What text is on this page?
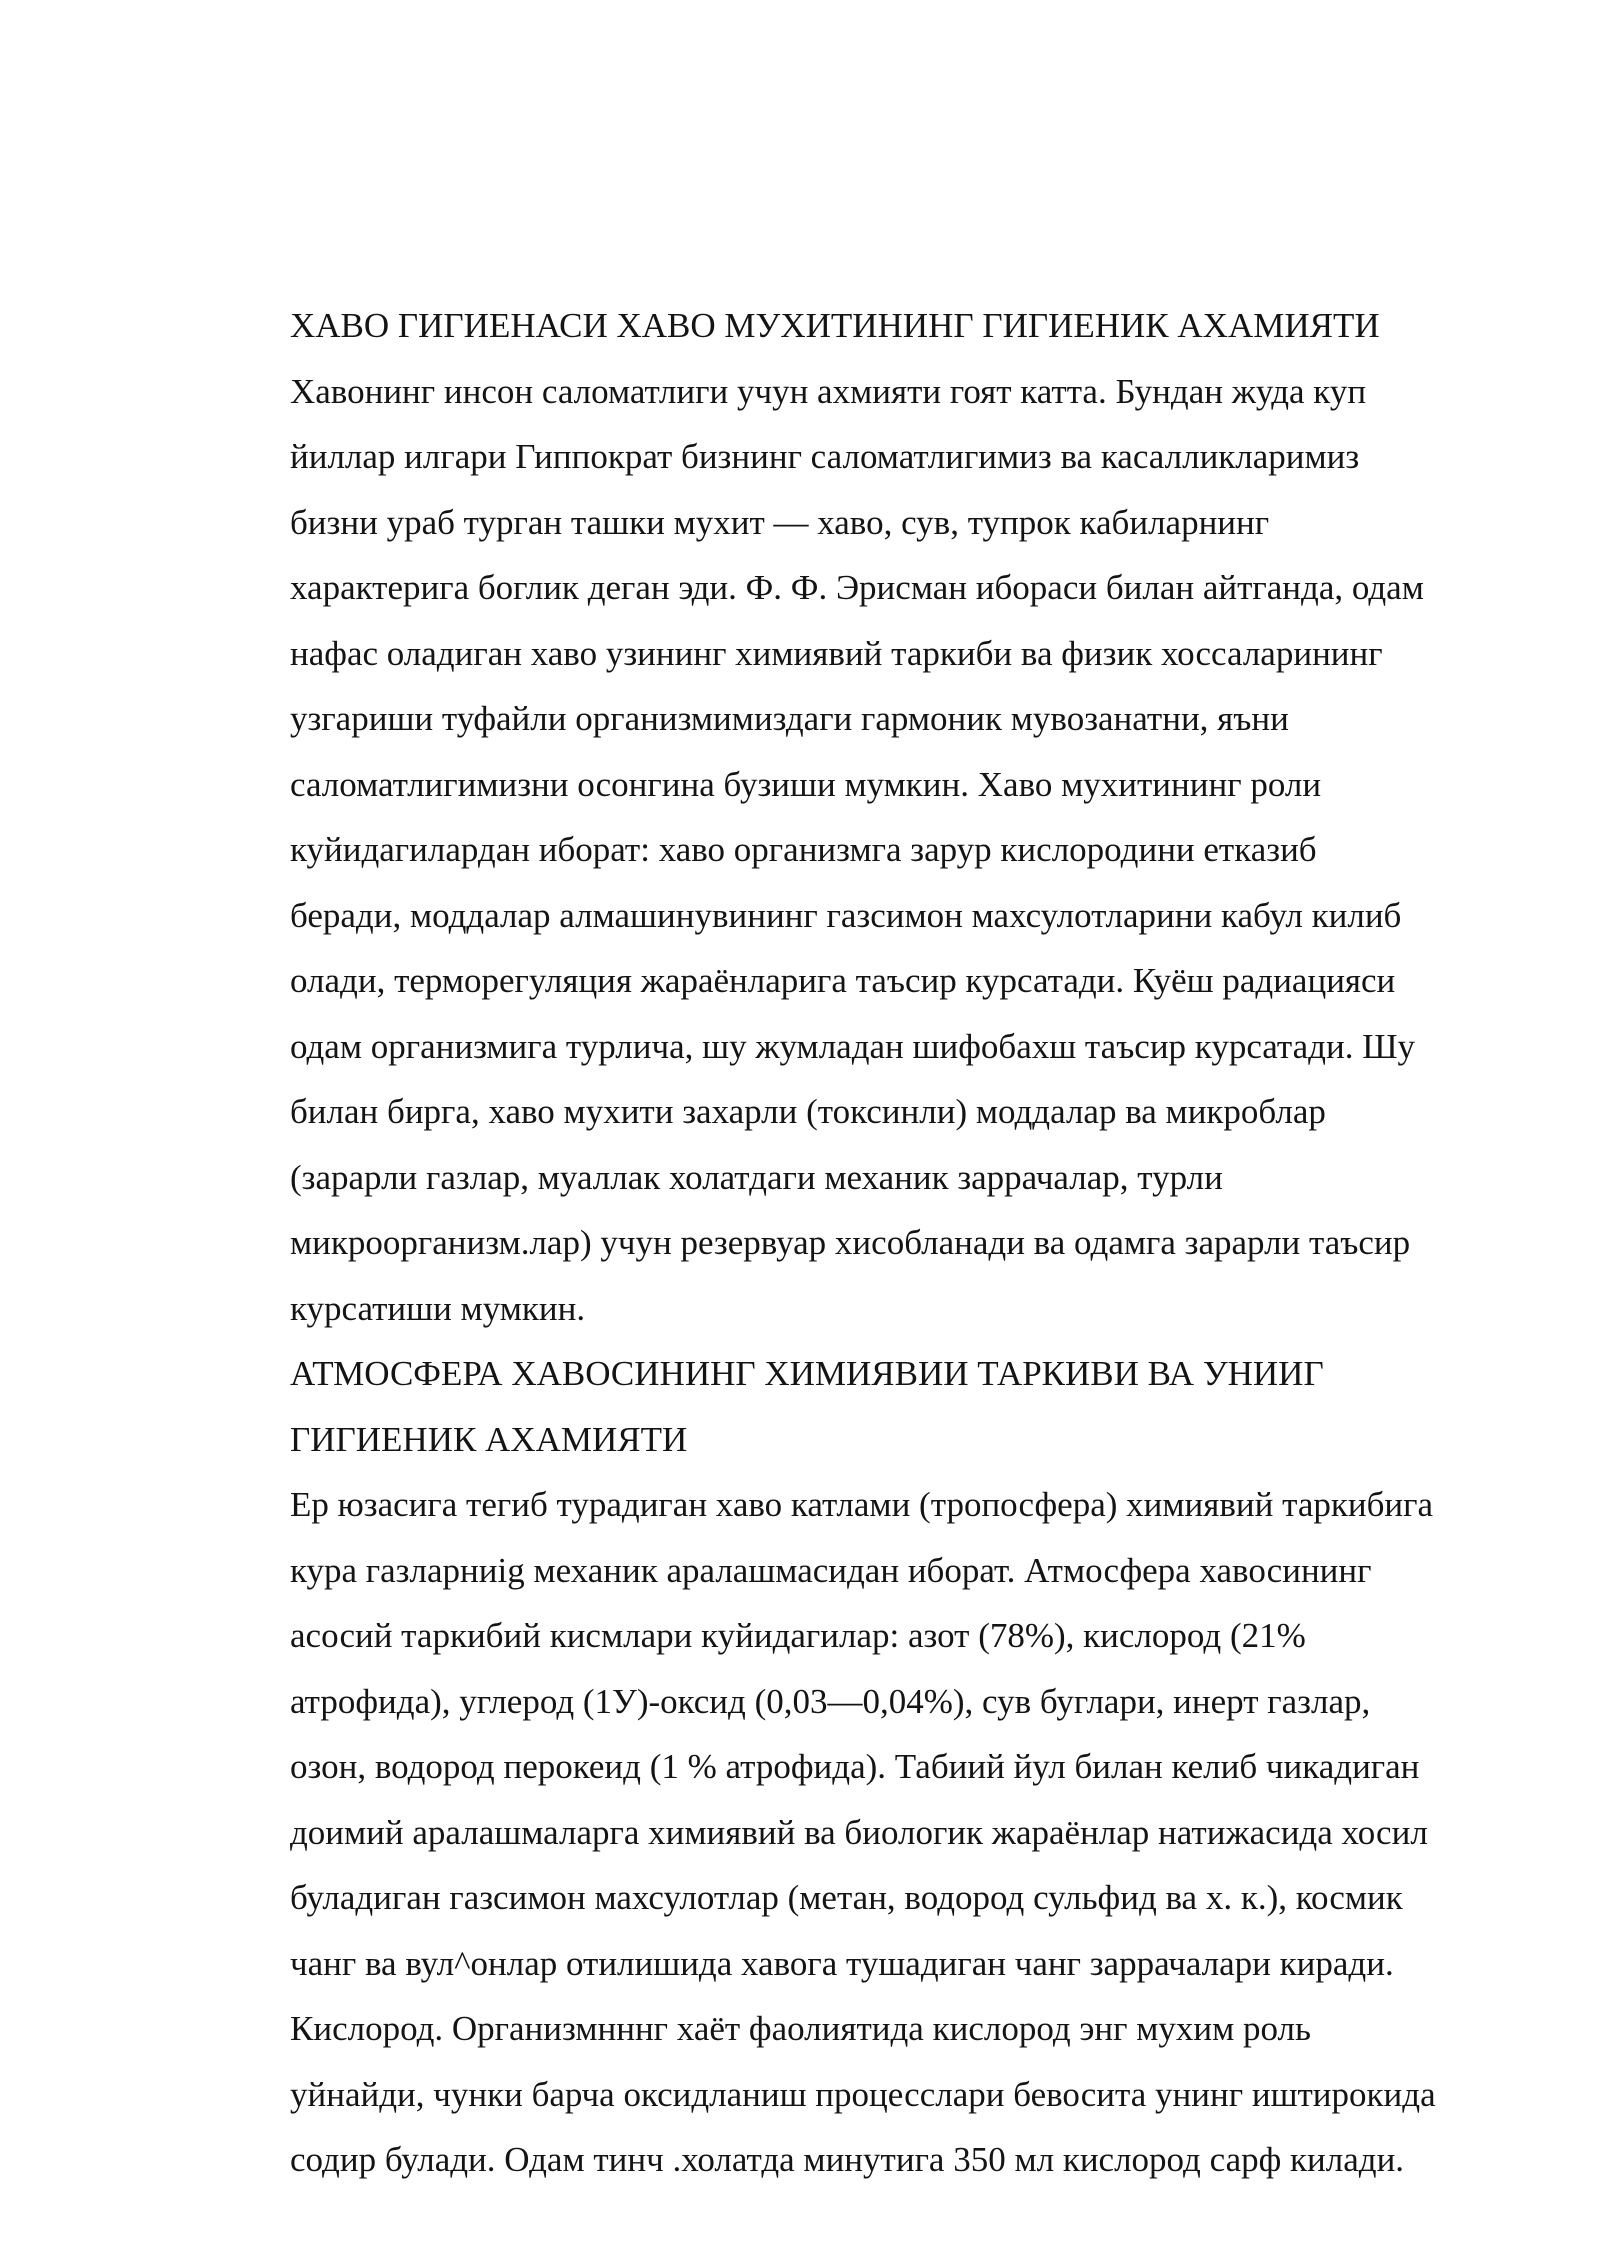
ХАВО ГИГИЕНАСИ ХАВО МУХИТИНИНГ ГИГИЕНИК АХАМИЯТИ
Хавонинг инсон саломатлиги учун ахмияти гоят катта. Бундан жуда куп
йиллар илгари Гиппократ бизнинг саломатлигимиз ва касалликларимиз
бизни ураб турган ташки мухит — хаво, сув, тупрок кабиларнинг
характерига боглик деган эди. Ф. Ф. Эрисман ибораси билан айтганда, одам
нафас оладиган хаво узининг химиявий таркиби ва физик хоссаларининг
узгариши туфайли организмимиздаги гармоник мувозанатни, яъни
саломатлигимизни осонгина бузиши мумкин. Хаво мухитининг роли
куйидагилардан иборат: хаво организмга зарур кислородини етказиб
беради, моддалар алмашинувининг газсимон махсулотларини кабул килиб
олади, терморегуляция жараёнларига таъсир курсатади. Куёш радиацияси
одам организмига турлича, шу жумладан шифобахш таъсир курсатади. Шу
билан бирга, хаво мухити захарли (токсинли) моддалар ва микроблар
(зарарли газлар, муаллак холатдаги механик заррачалар, турли
микроорганизм.лар) учун резервуар хисобланади ва одамга зарарли таъсир
курсатиши мумкин.
АТМОСФЕРА ХАВОСИНИНГ ХИМИЯВИИ ТАРКИВИ ВА УНИИГ
ГИГИЕНИК АХАМИЯТИ
Ер юзасига тегиб турадиган хаво катлами (тропосфера) химиявий таркибига
кура газларниig механик аралашмасидан иборат. Атмосфера хавосининг
асосий таркибий кисмлари куйидагилар: азот (78%), кислород (21%
атрофида), углерод (1У)-оксид (0,03—0,04%), сув буглари, инерт газлар,
озон, водород перокеид (1 % атрофида). Табиий йул билан келиб чикадиган
доимий аралашмаларга химиявий ва биологик жараёнлар натижасида хосил
буладиган газсимон махсулотлар (метан, водород сульфид ва х. к.), космик
чанг ва вул^онлар отилишида хавога тушадиган чанг заррачалари киради.
Кислород. Организмнннг хаёт фаолиятида кислород энг мухим роль
уйнайди, чунки барча оксидланиш процесслари бевосита унинг иштирокида
содир булади. Одам тинч .холатда минутига 350 мл кислород сарф килади.
